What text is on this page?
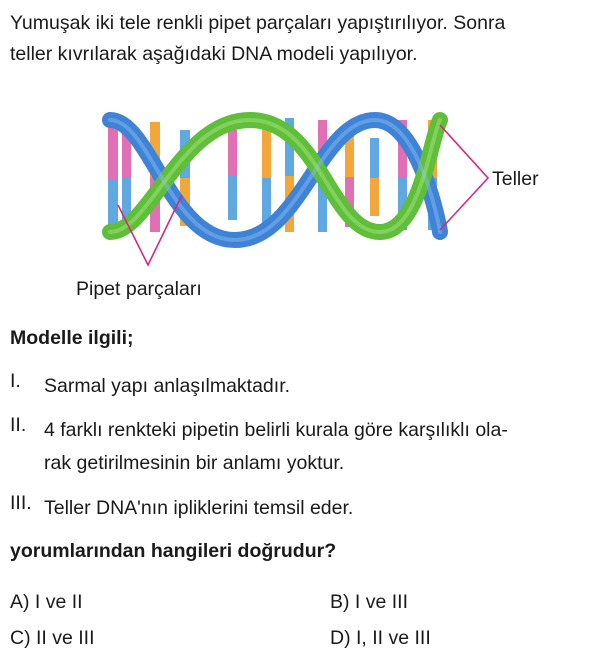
Yumuşak iki tele renkli pipet parçaları yapıştırılıyor. Sonra
teller kıvrılarak aşağıdaki DNA modeli yapılıyor.

Teller
Pipet parçaları
Modelle ilgili;
I. Sarmal yapı anlaşılmaktadır.
II. 4 farklı renkteki pipetin belirli kurala göre karşılıklı ola-
rak getirilmesinin bir anlamı yoktur.
III. Teller DNA'nın ipliklerini temsil eder.
yorumlarından hangileri doğrudur?
A) I ve II	B) I ve III
C) II ve III	D) I, II ve III
